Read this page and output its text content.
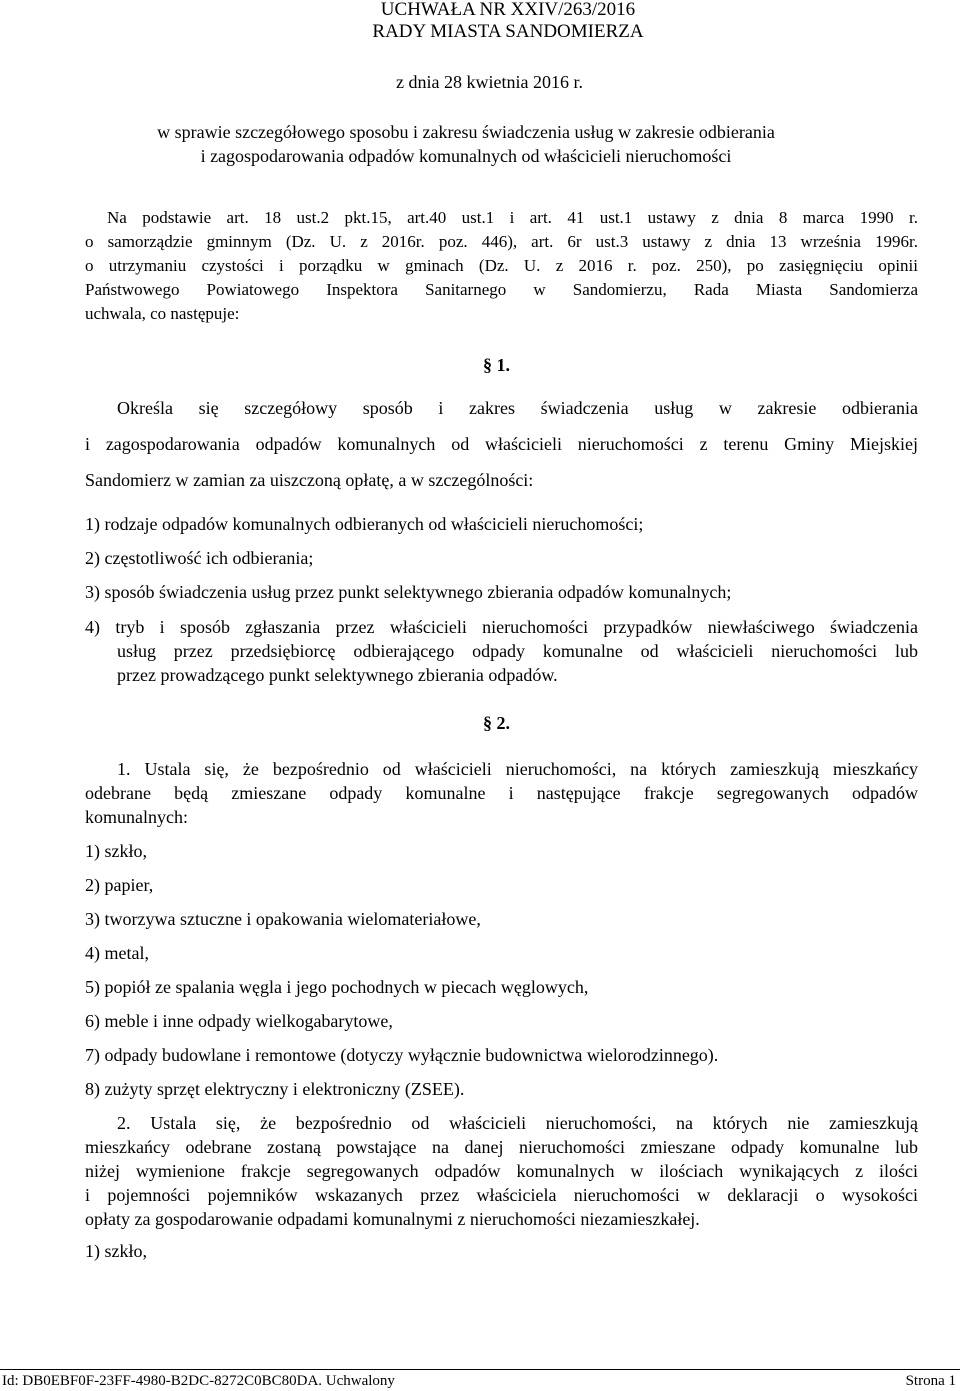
UCHWAŁA NR XXIV/263/2016
RADY MIASTA SANDOMIERZA
z dnia 28 kwietnia 2016 r.
w sprawie szczegółowego sposobu i zakresu świadczenia usług w zakresie odbierania
i zagospodarowania odpadów komunalnych od właścicieli nieruchomości
Na podstawie art. 18 ust.2 pkt.15, art.40 ust.1 i art. 41 ust.1 ustawy z dnia 8 marca 1990 r.
o samorządzie gminnym (Dz. U. z 2016r. poz. 446), art. 6r ust.3 ustawy z dnia 13 września 1996r.
o utrzymaniu czystości i porządku w gminach (Dz. U. z 2016 r. poz. 250), po zasięgnięciu opinii
Państwowego Powiatowego Inspektora Sanitarnego w Sandomierzu, Rada Miasta Sandomierza
uchwala, co następuje:
§ 1.
Określa się szczegółowy sposób i zakres świadczenia usług w zakresie odbierania
i zagospodarowania odpadów komunalnych od właścicieli nieruchomości z terenu Gminy Miejskiej
Sandomierz w zamian za uiszczoną opłatę, a w szczególności:
1) rodzaje odpadów komunalnych odbieranych od właścicieli nieruchomości;
2) częstotliwość ich odbierania;
3) sposób świadczenia usług przez punkt selektywnego zbierania odpadów komunalnych;
4) tryb i sposób zgłaszania przez właścicieli nieruchomości przypadków niewłaściwego świadczenia
usług przez przedsiębiorcę odbierającego odpady komunalne od właścicieli nieruchomości lub
przez prowadzącego punkt selektywnego zbierania odpadów.
§ 2.
1. Ustala się, że bezpośrednio od właścicieli nieruchomości, na których zamieszkują mieszkańcy
odebrane będą zmieszane odpady komunalne i następujące frakcje segregowanych odpadów
komunalnych:
1) szkło,
2) papier,
3) tworzywa sztuczne i opakowania wielomateriałowe,
4) metal,
5) popiół ze spalania węgla i jego pochodnych w piecach węglowych,
6) meble i inne odpady wielkogabarytowe,
7) odpady budowlane i remontowe (dotyczy wyłącznie budownictwa wielorodzinnego).
8) zużyty sprzęt elektryczny i elektroniczny (ZSEE).
2. Ustala się, że bezpośrednio od właścicieli nieruchomości, na których nie zamieszkują
mieszkańcy odebrane zostaną powstające na danej nieruchomości zmieszane odpady komunalne lub
niżej wymienione frakcje segregowanych odpadów komunalnych w ilościach wynikających z ilości
i pojemności pojemników wskazanych przez właściciela nieruchomości w deklaracji o wysokości
opłaty za gospodarowanie odpadami komunalnymi z nieruchomości niezamieszkałej.
1) szkło,
Id: DB0EBF0F-23FF-4980-B2DC-8272C0BC80DA. Uchwalony	Strona 1
